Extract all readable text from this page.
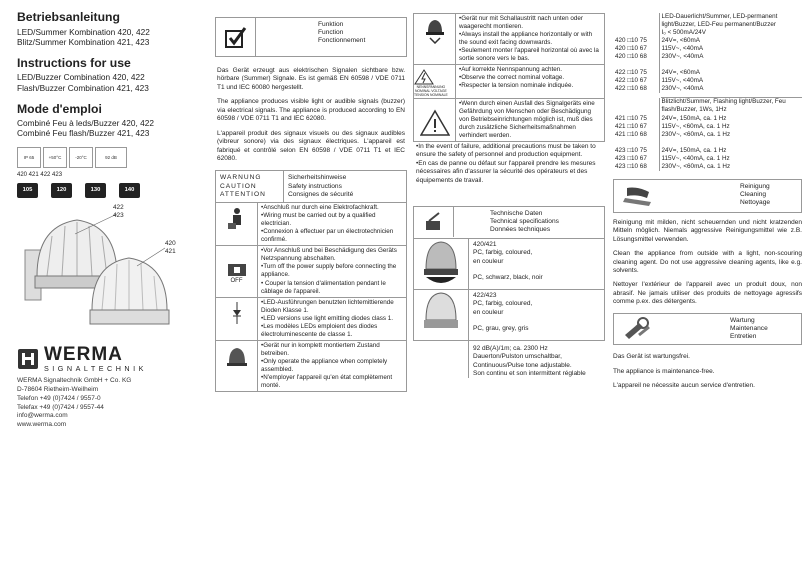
Betriebsanleitung
LED/Summer Kombination 420, 422
Blitz/Summer Kombination 421, 423
Instructions for use
LED/Buzzer Combination 420, 422
Flash/Buzzer Combination 421, 423
Mode d'emploi
Combiné Feu à leds/Buzzer 420, 422
Combiné Feu flash/Buzzer 421, 423
IP 65	+50°C	-20°C	92 dB
420 421 422 423
105	120	130	140
422
423
420
421
WERMA
SIGNALTECHNIK
WERMA Signaltechnik GmbH + Co. KG
D-78604 Rietheim-Weilheim
Telefon +49 (0)7424 / 9557-0
Telefax +49 (0)7424 / 9557-44
info@werma.com
www.werma.com
Funktion
Function
Fonctionnement
Das Gerät erzeugt aus elektrischen Signalen sichtbare bzw. hörbare (Summer) Signale. Es ist gemäß EN 60598 / VDE 0711 T1 und IEC 60080 hergestellt.
The appliance produces visible light or audible signals (buzzer) via electrical signals. The appliance is produced according to EN 60598 / VDE 0711 T1 and IEC 62080.
L'appareil produit des signaux visuels ou des signaux audibles (vibreur sonore) via des signaux électriques. L'appareil est fabriqué et contrôlé selon EN 60598 / VDE 0711 T1 et IEC 62080.
WARNUNG
CAUTION
ATTENTION
Sicherheitshinweise
Safety instructions
Consignes de sécurité
•Anschluß nur durch eine Elektrofachkraft.
•Wiring must be carried out by a qualified electrician.
•Connexion à effectuer par un électrotechnicien confirmé.
OFF
•Vor Anschluß und bei Beschädigung des Geräts Netzspannung abschalten.
•Turn off the power supply before connecting the appliance.
• Couper la tension d'alimentation pendant le câblage de l'appareil.
•LED-Ausführungen benutzten lichtemittierende Dioden Klasse 1.
•LED versions use light emitting diodes class 1.
•Les modèles LEDs emploient des diodes électroluminescente de classe 1.
•Gerät nur in komplett montiertem Zustand betreiben.
•Only operate the appliance when completely assembled.
•N'employer l'appareil qu'en état complètement monté.
•Gerät nur mit Schallaustritt nach unten oder waagerecht montieren.
•Always install the appliance horizontally or with the sound exit facing downwards.
•Seulement monter l'appareil horizontal où avec la sortie sonore vers le bas.
NENNSPANNUNG
NOMINAL VOLTAGE
TENSION NOMINALE
•Auf korrekte Nennspannung achten.
•Observe the correct nominal voltage.
•Respecter la tension nominale indiquée.
•Wenn durch einen Ausfall des Signalgeräts eine Gefährdung von Menschen oder Beschädigung von Betriebseinrichtungen möglich ist, muß dies durch zusätzliche Sicherheitsmaßnahmen verhindert werden.
•In the event of failure, additional precautions must be taken to ensure the safety of personnel and production equipment.
•En cas de panne ou défaut sur l'appareil prendre les mesures nécessaires afin d'assurer la sécurité des opérateurs et des équipements de travail.
Technische Daten
Technical specifications
Données techniques
420/421
PC, farbig, coloured,
en couleur
PC, schwarz, black, noir
422/423
PC, farbig, coloured,
en couleur
PC, grau, grey, gris
92 dB(A)/1m; ca. 2300 Hz
Dauerton/Pulston umschaltbar,
Continuous/Pulse tone adjustable.
Son continu et son intermittent réglable

	LED-Dauerlicht/Summer, LED-permanent light/Buzzer, LED-Feu permanent/Buzzer
I₀ < 500mA/24V

420 □10 75	24V=, <60mA
420 □10 67	115V~, <40mA
420 □10 68	230V~, <40mA

422 □10 75	24V=, <60mA
422 □10 67	115V~, <40mA
422 □10 68	230V~, <40mA
	Blitzlicht/Summer, Flashing light/Buzzer, Feu flash/Buzzer, 1Ws, 1Hz
421 □10 75	24V=, 150mA, ca. 1 Hz
421 □10 67	115V~, <60mA, ca. 1 Hz
421 □10 68	230V~, <60mA, ca. 1 Hz

423 □10 75	24V=, 150mA, ca. 1 Hz
423 □10 67	115V~, <40mA, ca. 1 Hz
423 □10 68	230V~, <60mA, ca. 1 Hz
Reinigung
Cleaning
Nettoyage
Reinigung mit milden, nicht scheuernden und nicht kratzenden Mitteln möglich. Niemals aggressive Reinigungsmittel wie z.B. Lösungsmittel verwenden.
Clean the appliance from outside with a light, non-scouring cleaning agent. Do not use aggressive cleaning agents, like e.g. solvents.
Nettoyer l'extérieur de l'appareil avec un produit doux, non abrasif. Ne jamais utiliser des produits de nettoyage agressifs comme p.ex. des détergents.
Wartung
Maintenance
Entretien
Das Gerät ist wartungsfrei.
The appliance is maintenance-free.
L'appareil ne nécessite aucun service d'entretien.
